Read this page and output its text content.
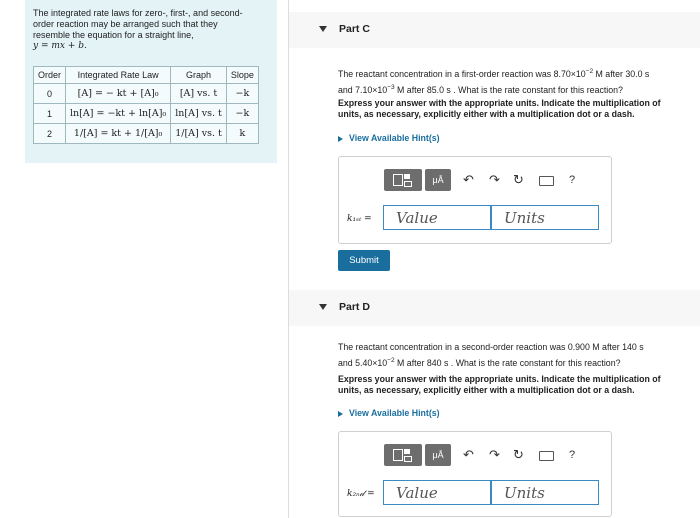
The integrated rate laws for zero-, first-, and second-
order reaction may be arranged such that they
resemble the equation for a straight line,
y = mx + b.
Order	Integrated Rate Law	Graph	Slope
0	[A] = − kt + [A]₀	[A] vs. t	−k
1	ln[A] = −kt + ln[A]₀	ln[A] vs. t	−k
2	1/[A] = kt + 1/[A]₀	1/[A] vs. t	k
Part C
The reactant concentration in a first-order reaction was $8.70\times 10^{-2}$ M after 30.0 s
and $7.10\times 10^{-3}$ M after 85.0 s . What is the rate constant for this reaction?
Express your answer with the appropriate units. Indicate the multiplication of
units, as necessary, explicitly either with a multiplication dot or a dash.
View Available Hint(s)
μÅ	↶ ↷ ↻	?
k₁ₛₜ =	Value	Units
Submit
Part D
The reactant concentration in a second-order reaction was 0.900 M after 140 s
and $5.40\times 10^{-2}$ M after 840 s . What is the rate constant for this reaction?
Express your answer with the appropriate units. Indicate the multiplication of
units, as necessary, explicitly either with a multiplication dot or a dash.
View Available Hint(s)
μÅ	↶ ↷ ↻	?
k₂ₙ𝒹 =	Value	Units
